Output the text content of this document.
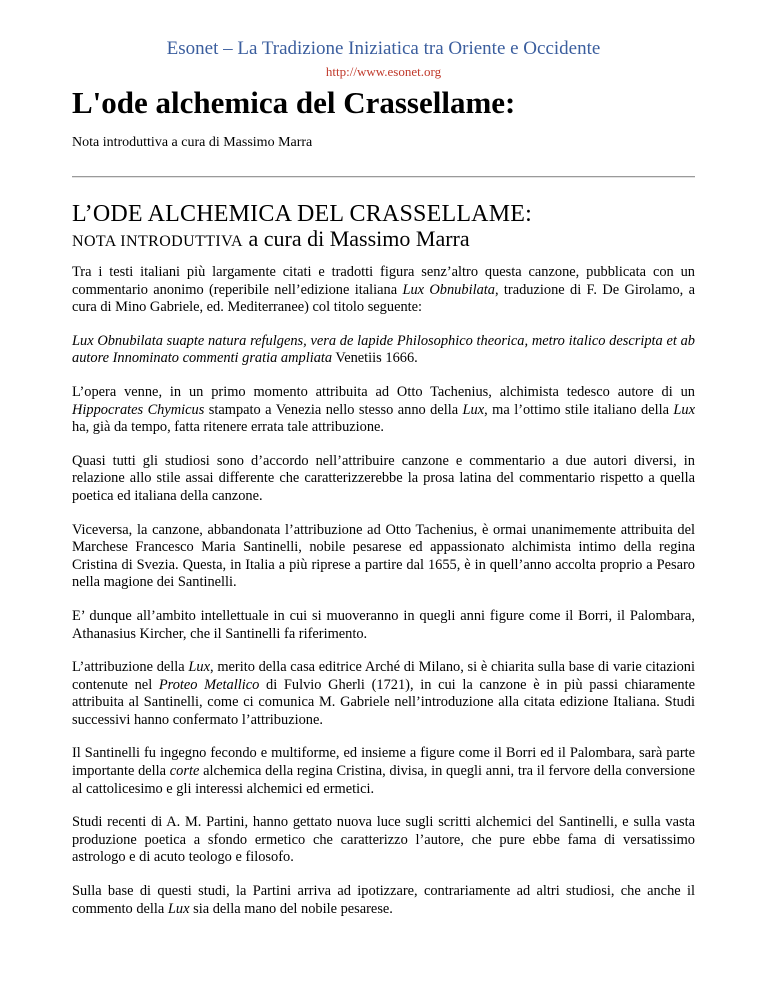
Esonet – La Tradizione Iniziatica tra Oriente e Occidente
http://www.esonet.org
L'ode alchemica del Crassellame:
Nota introduttiva a cura di Massimo Marra
L’ODE ALCHEMICA DEL CRASSELLAME:
NOTA INTRODUTTIVA a cura di Massimo Marra

Tra i testi italiani più largamente citati e tradotti figura senz’altro questa canzone, pubblicata con un commentario anonimo (reperibile nell’edizione italiana Lux Obnubilata, traduzione di F. De Girolamo, a cura di Mino Gabriele, ed. Mediterranee) col titolo seguente:

Lux Obnubilata suapte natura refulgens, vera de lapide Philosophico theorica, metro italico descripta et ab autore Innominato commenti gratia ampliata Venetiis 1666.

L’opera venne, in un primo momento attribuita ad Otto Tachenius, alchimista tedesco autore di un Hippocrates Chymicus stampato a Venezia nello stesso anno della Lux, ma l’ottimo stile italiano della Lux ha, già da tempo, fatta ritenere errata tale attribuzione.

Quasi tutti gli studiosi sono d’accordo nell’attribuire canzone e commentario a due autori diversi, in relazione allo stile assai differente che caratterizzerebbe la prosa latina del commentario rispetto a quella poetica ed italiana della canzone.

Viceversa, la canzone, abbandonata l’attribuzione ad Otto Tachenius, è ormai unanimemente attribuita del Marchese Francesco Maria Santinelli, nobile pesarese ed appassionato alchimista intimo della regina Cristina di Svezia. Questa, in Italia a più riprese a partire dal 1655, è in quell’anno accolta proprio a Pesaro nella magione dei Santinelli.

E’ dunque all’ambito intellettuale in cui si muoveranno in quegli anni figure come il Borri, il Palombara, Athanasius Kircher, che il Santinelli fa riferimento.

L’attribuzione della Lux, merito della casa editrice Arché di Milano, si è chiarita sulla base di varie citazioni contenute nel Proteo Metallico di Fulvio Gherli (1721), in cui la canzone è in più passi chiaramente attribuita al Santinelli, come ci comunica M. Gabriele nell’introduzione alla citata edizione Italiana. Studi successivi hanno confermato l’attribuzione.

Il Santinelli fu ingegno fecondo e multiforme, ed insieme a figure come il Borri ed il Palombara, sarà parte importante della corte alchemica della regina Cristina, divisa, in quegli anni, tra il fervore della conversione al cattolicesimo e gli interessi alchemici ed ermetici.

Studi recenti di A. M. Partini, hanno gettato nuova luce sugli scritti alchemici del Santinelli, e sulla vasta produzione poetica a sfondo ermetico che caratterizzo l’autore, che pure ebbe fama di versatissimo astrologo e di acuto teologo e filosofo.

Sulla base di questi studi, la Partini arriva ad ipotizzare, contrariamente ad altri studiosi, che anche il commento della Lux sia della mano del nobile pesarese.
